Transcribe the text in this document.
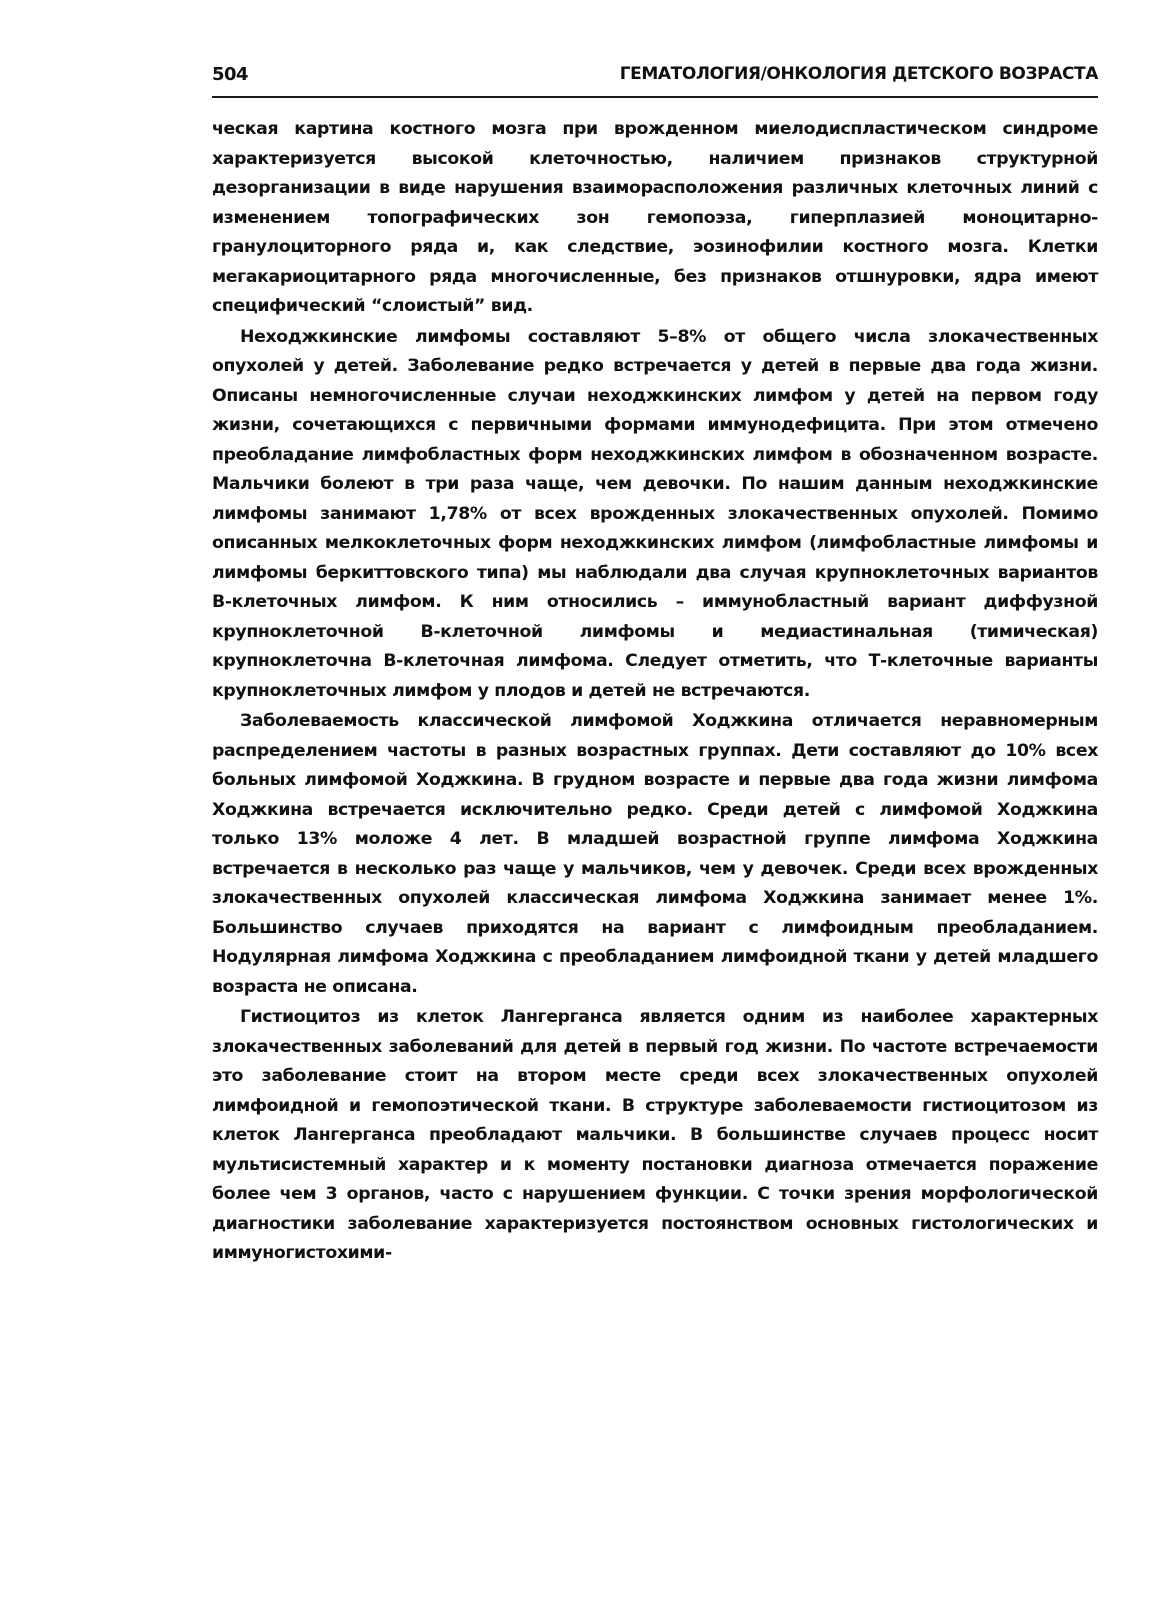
504	ГЕМАТОЛОГИЯ/ОНКОЛОГИЯ ДЕТСКОГО ВОЗРАСТА

ческая картина костного мозга при врожденном миелодиспластическом синдроме характеризуется высокой клеточностью, наличием признаков структурной дезорганизации в виде нарушения взаиморасположения различных клеточных линий с изменением топографических зон гемопоэза, гиперплазией моноцитарно-гранулоциторного ряда и, как следствие, эозинофилии костного мозга. Клетки мегакариоцитарного ряда многочисленные, без признаков отшнуровки, ядра имеют специфический “слоистый” вид.

Неходжкинские лимфомы составляют 5–8% от общего числа злокачественных опухолей у детей. Заболевание редко встречается у детей в первые два года жизни. Описаны немногочисленные случаи неходжкинских лимфом у детей на первом году жизни, сочетающихся с первичными формами иммунодефицита. При этом отмечено преобладание лимфобластных форм неходжкинских лимфом в обозначенном возрасте. Мальчики болеют в три раза чаще, чем девочки. По нашим данным неходжкинские лимфомы занимают 1,78% от всех врожденных злокачественных опухолей. Помимо описанных мелкоклеточных форм неходжкинских лимфом (лимфобластные лимфомы и лимфомы беркиттовского типа) мы наблюдали два случая крупноклеточных вариантов В-клеточных лимфом. К ним относились – иммунобластный вариант диффузной крупноклеточной В-клеточной лимфомы и медиастинальная (тимическая) крупноклеточна В-клеточная лимфома. Следует отметить, что Т-клеточные варианты крупноклеточных лимфом у плодов и детей не встречаются.

Заболеваемость классической лимфомой Ходжкина отличается неравномерным распределением частоты в разных возрастных группах. Дети составляют до 10% всех больных лимфомой Ходжкина. В грудном возрасте и первые два года жизни лимфома Ходжкина встречается исключительно редко. Среди детей с лимфомой Ходжкина только 13% моложе 4 лет. В младшей возрастной группе лимфома Ходжкина встречается в несколько раз чаще у мальчиков, чем у девочек. Среди всех врожденных злокачественных опухолей классическая лимфома Ходжкина занимает менее 1%. Большинство случаев приходятся на вариант с лимфоидным преобладанием. Нодулярная лимфома Ходжкина с преобладанием лимфоидной ткани у детей младшего возраста не описана.

Гистиоцитоз из клеток Лангерганса является одним из наиболее характерных злокачественных заболеваний для детей в первый год жизни. По частоте встречаемости это заболевание стоит на втором месте среди всех злокачественных опухолей лимфоидной и гемопоэтической ткани. В структуре заболеваемости гистиоцитозом из клеток Лангерганса преобладают мальчики. В большинстве случаев процесс носит мультисистемный характер и к моменту постановки диагноза отмечается поражение более чем 3 органов, часто с нарушением функции. С точки зрения морфологической диагностики заболевание характеризуется постоянством основных гистологических и иммуногистохими-
